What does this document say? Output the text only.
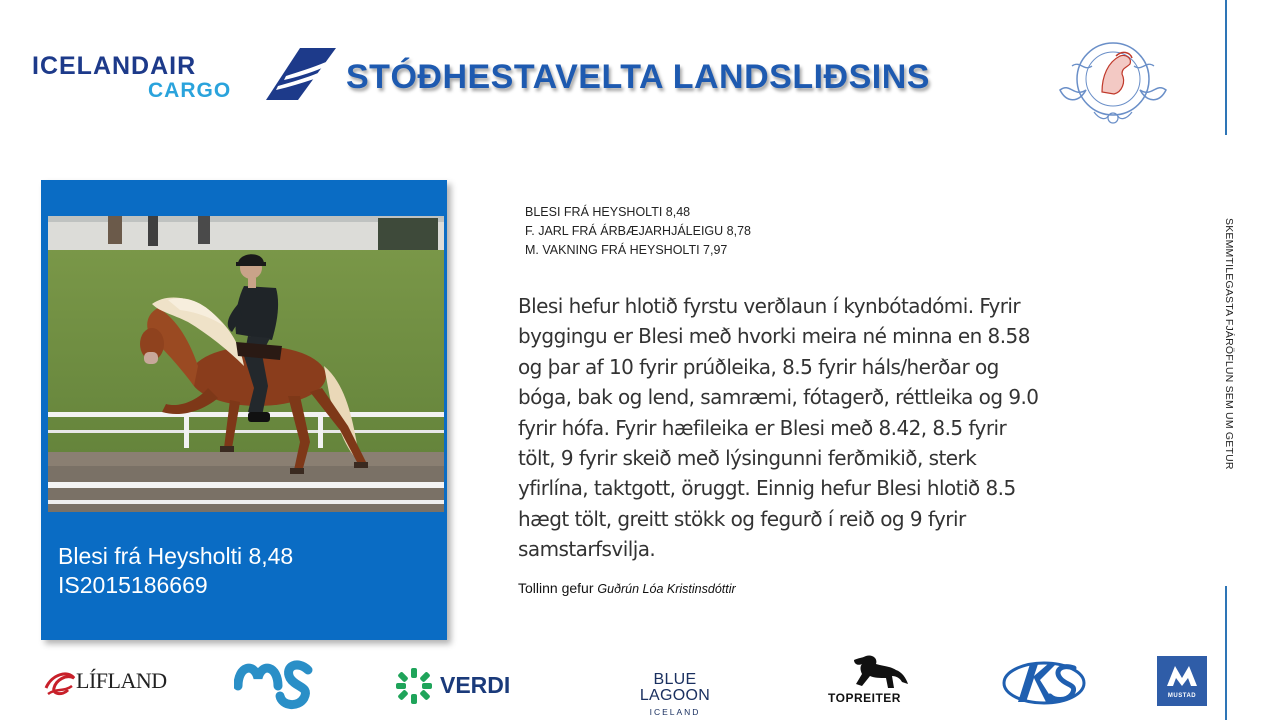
ICELANDAIR
CARGO	STÓÐHESTAVELTA LANDSLIÐSINS
SKEMMTILEGASTA FJÁRÖFLUN SEM UM GETUR
Blesi frá Heysholti 8,48
IS2015186669
BLESI FRÁ HEYSHOLTI 8,48
F. JARL FRÁ ÁRBÆJARHJÁLEIGU 8,78
M. VAKNING FRÁ HEYSHOLTI 7,97
Blesi hefur hlotið fyrstu verðlaun í kynbótadómi. Fyrir
byggingu er Blesi með hvorki meira né minna en 8.58
og þar af 10 fyrir prúðleika, 8.5 fyrir háls/herðar og
bóga, bak og lend, samræmi, fótagerð, réttleika og 9.0
fyrir hófa. Fyrir hæfileika er Blesi með 8.42, 8.5 fyrir
tölt, 9 fyrir skeið með lýsingunni ferðmikið, sterk
yfirlína, taktgott, öruggt. Einnig hefur Blesi hlotið 8.5
hægt tölt, greitt stökk og fegurð í reið og 9 fyrir
samstarfsvilja.
Tollinn gefur Guðrún Lóa Kristinsdóttir
LÍFLAND	VERDI	BLUE LAGOON
ICELAND
TOPREITER	MUSTAD
